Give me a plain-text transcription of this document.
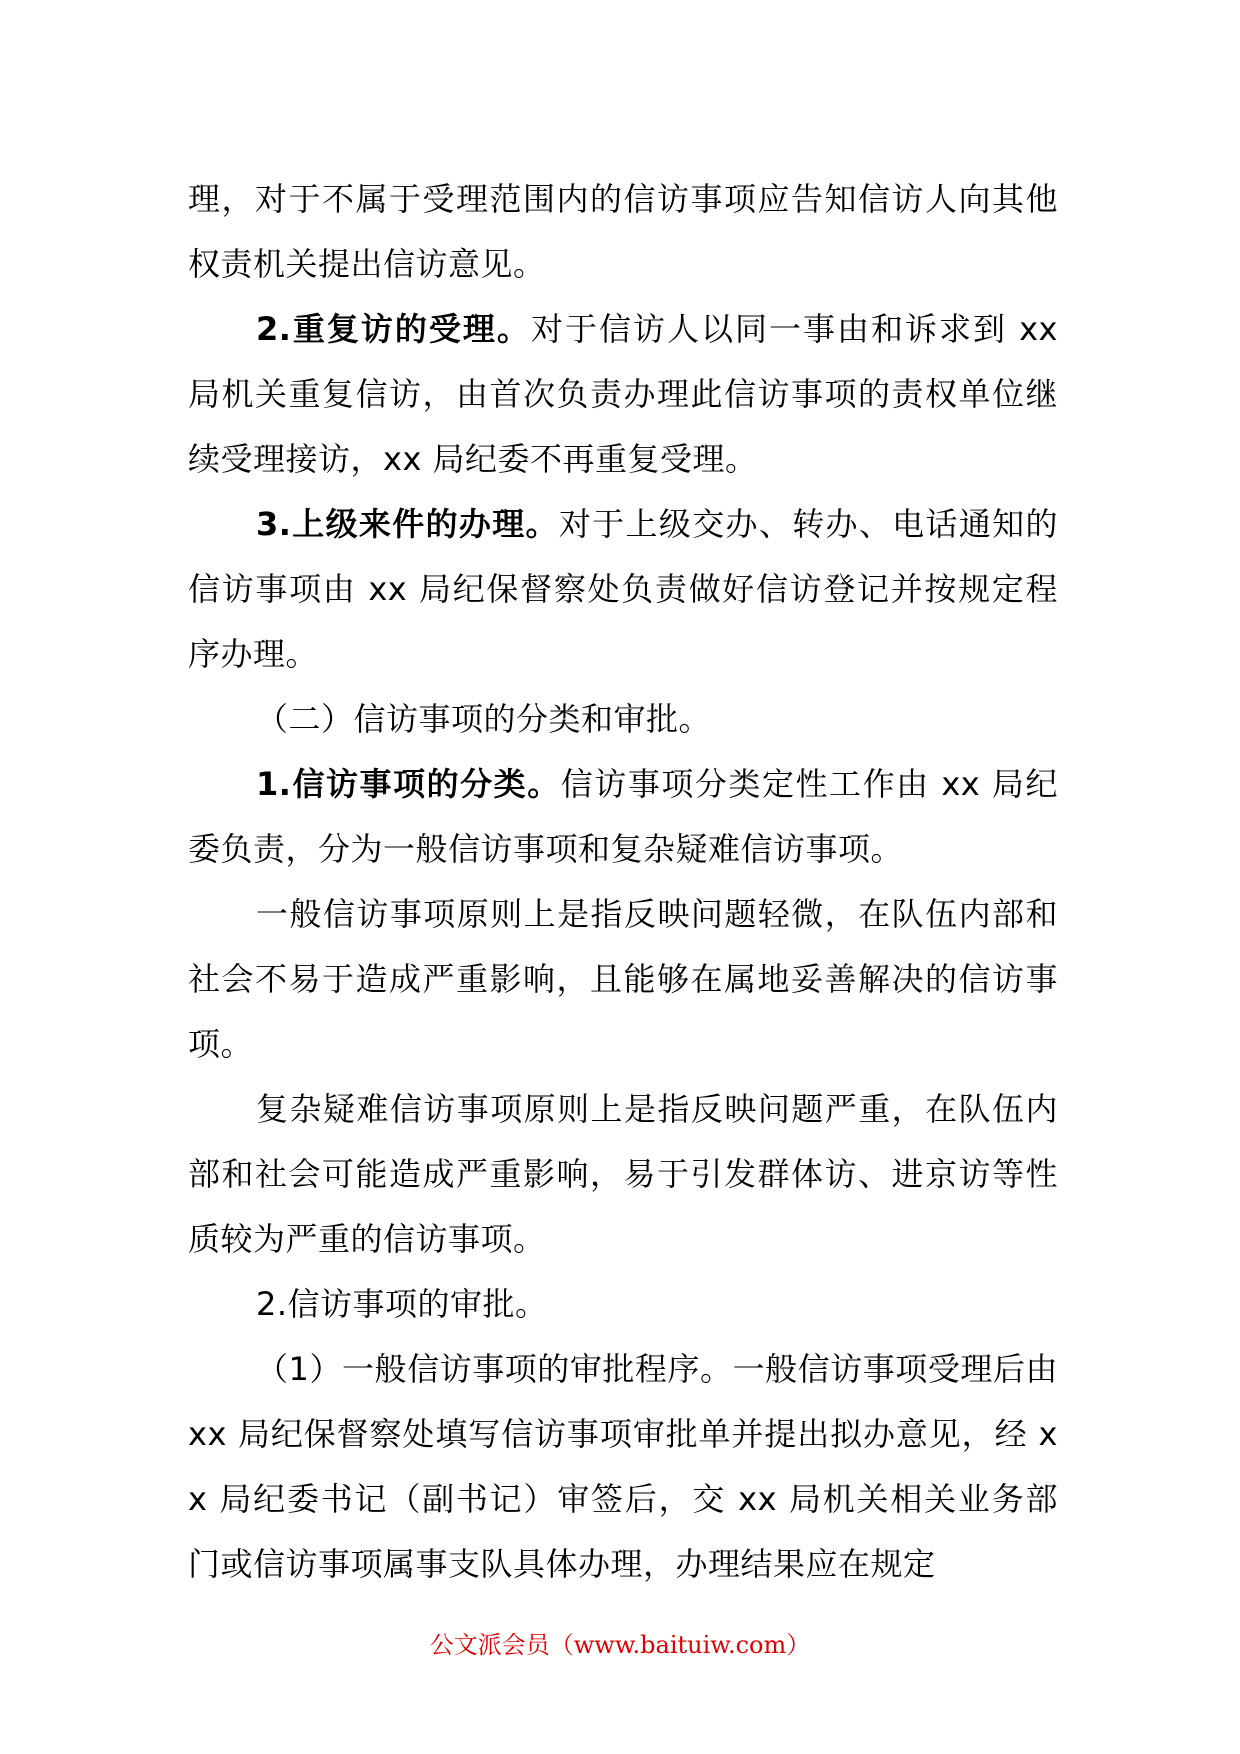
理，对于不属于受理范围内的信访事项应告知信访人向其他权责机关提出信访意见。

2.重复访的受理。对于信访人以同一事由和诉求到 xx 局机关重复信访，由首次负责办理此信访事项的责权单位继续受理接访，xx 局纪委不再重复受理。

3.上级来件的办理。对于上级交办、转办、电话通知的信访事项由 xx 局纪保督察处负责做好信访登记并按规定程序办理。

（二）信访事项的分类和审批。

1.信访事项的分类。信访事项分类定性工作由 xx 局纪委负责，分为一般信访事项和复杂疑难信访事项。

一般信访事项原则上是指反映问题轻微，在队伍内部和社会不易于造成严重影响，且能够在属地妥善解决的信访事项。

复杂疑难信访事项原则上是指反映问题严重，在队伍内部和社会可能造成严重影响，易于引发群体访、进京访等性质较为严重的信访事项。

2.信访事项的审批。

（1）一般信访事项的审批程序。一般信访事项受理后由 xx 局纪保督察处填写信访事项审批单并提出拟办意见，经 xx 局纪委书记（副书记）审签后，交 xx 局机关相关业务部门或信访事项属事支队具体办理，办理结果应在规定

公文派会员（www.baituiw.com）
